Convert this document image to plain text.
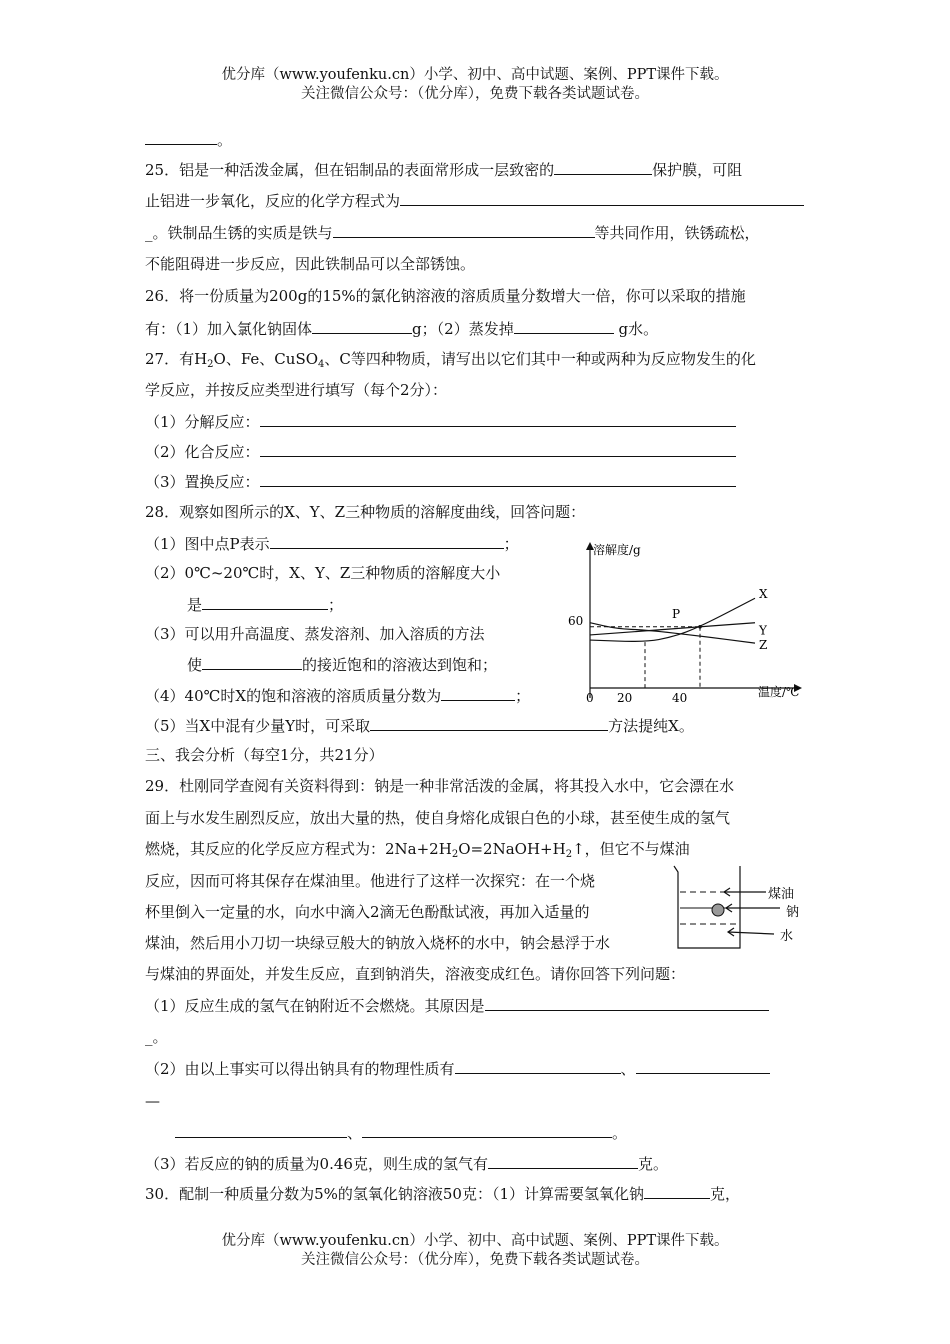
优分库（www.youfenku.cn）小学、初中、高中试题、案例、PPT课件下载。
关注微信公众号：（优分库），免费下载各类试题试卷。
。
25．铝是一种活泼金属，但在铝制品的表面常形成一层致密的	保护膜，可阻
止铝进一步氧化，反应的化学方程式为
_。铁制品生锈的实质是铁与	等共同作用，铁锈疏松，
不能阻碍进一步反应，因此铁制品可以全部锈蚀。
26．将一份质量为200g的15%的氯化钠溶液的溶质质量分数增大一倍，你可以采取的措施
有：（1）加入氯化钠固体	g；（2）蒸发掉	g水。
27．有$H_2O$、Fe、CuSO$_4$、C等四种物质，请写出以它们其中一种或两种为反应物发生的化
学反应，并按反应类型进行填写（每个2分）：
（1）分解反应：
（2）化合反应：
（3）置换反应：
28．观察如图所示的X、Y、Z三种物质的溶解度曲线，回答问题：
（1）图中点P表示	；
（2）0℃~20℃时，X、Y、Z三种物质的溶解度大小
是	；
（3）可以用升高温度、蒸发溶剂、加入溶质的方法
使	的接近饱和的溶液达到饱和；
（4）40℃时X的饱和溶液的溶质质量分数为	；
（5）当X中混有少量Y时，可采取	方法提纯X。
溶解度/g
温度/℃
0 20	40
60
X
Y
Z
P
三、我会分析（每空1分，共21分）
29．杜刚同学查阅有关资料得到：钠是一种非常活泼的金属，将其投入水中，它会漂在水
面上与水发生剧烈反应，放出大量的热，使自身熔化成银白色的小球，甚至使生成的氢气
燃烧，其反应的化学反应方程式为：$2Na+2H_2O=2NaOH+H_2↑$，但它不与煤油
反应，因而可将其保存在煤油里。他进行了这样一次探究：在一个烧
杯里倒入一定量的水，向水中滴入2滴无色酚酞试液，再加入适量的
煤油，然后用小刀切一块绿豆般大的钠放入烧杯的水中，钠会悬浮于水
与煤油的界面处，并发生反应，直到钠消失，溶液变成红色。请你回答下列问题：
煤油
钠
水
（1）反应生成的氢气在钠附近不会燃烧。其原因是
_。
（2）由以上事实可以得出钠具有的物理性质有	、
—
、	。
（3）若反应的钠的质量为0.46克，则生成的氢气有	克。
30．配制一种质量分数为5%的氢氧化钠溶液50克：（1）计算需要氢氧化钠	克，
优分库（www.youfenku.cn）小学、初中、高中试题、案例、PPT课件下载。
关注微信公众号：（优分库），免费下载各类试题试卷。
